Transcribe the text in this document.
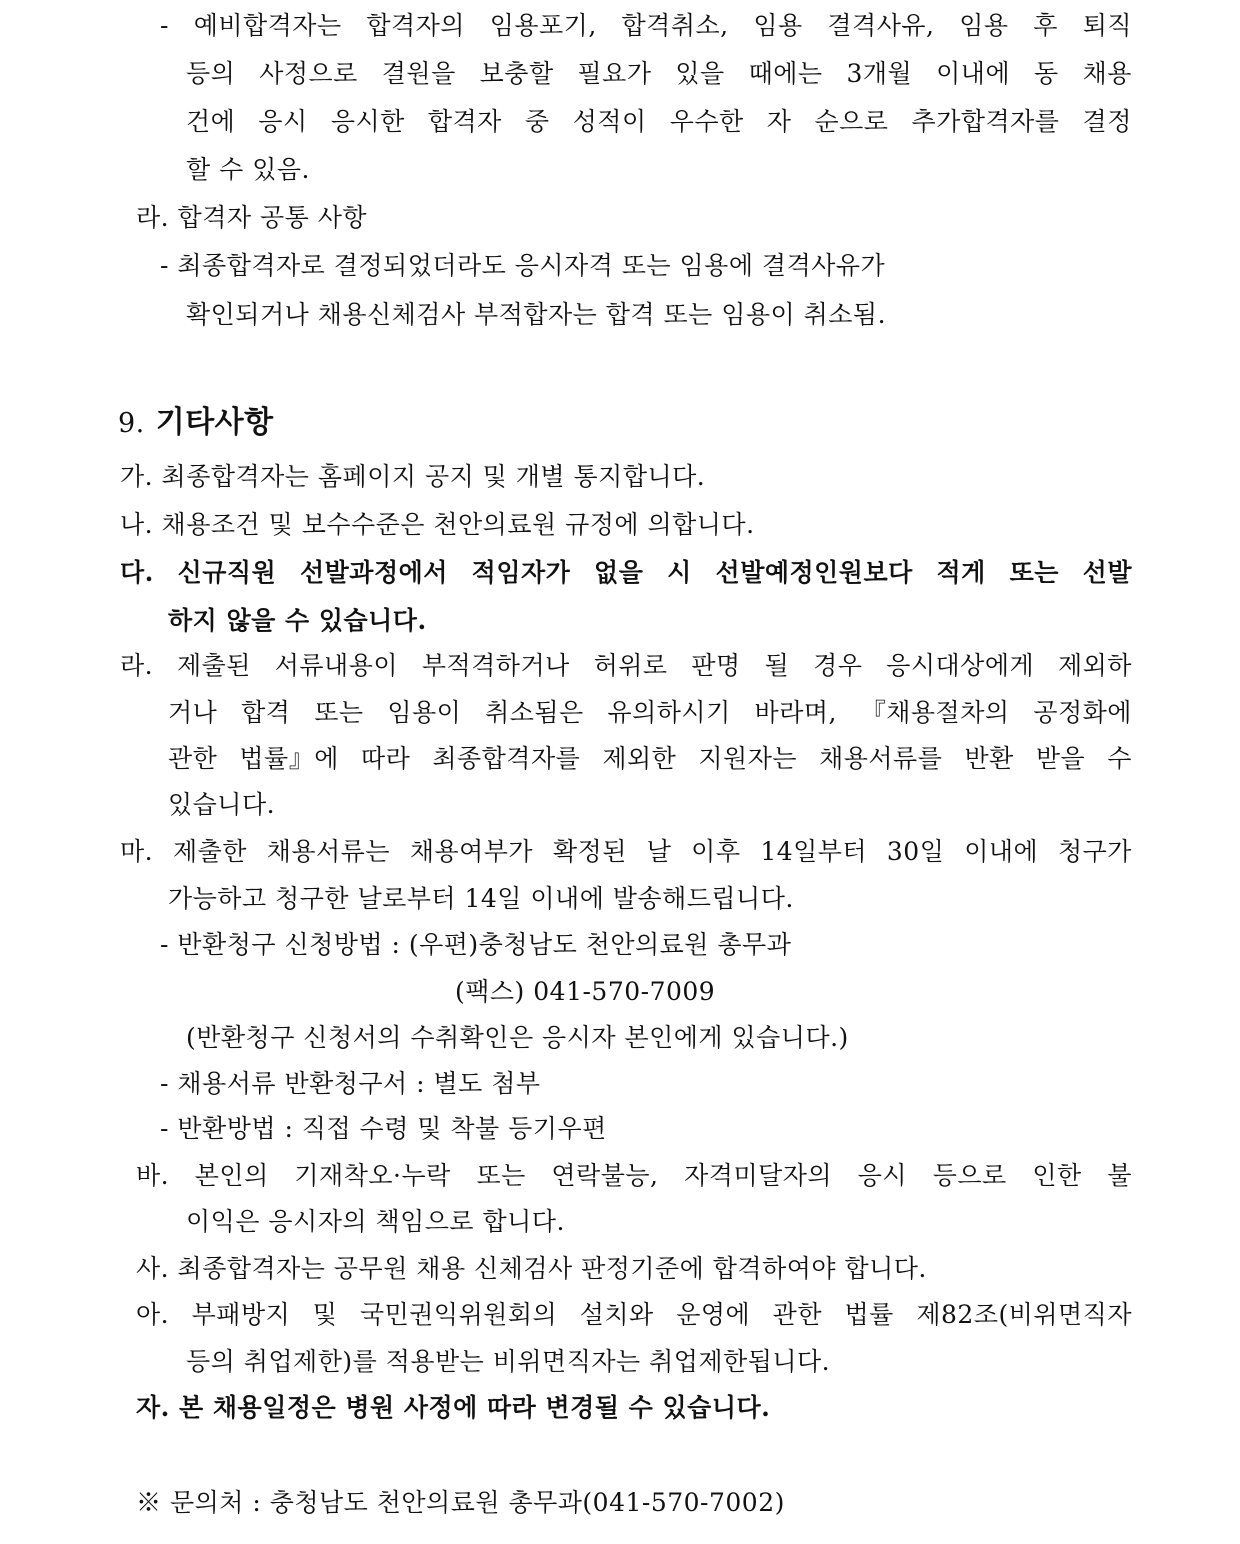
- 예비합격자는 합격자의 임용포기, 합격취소, 임용 결격사유, 임용 후 퇴직
등의 사정으로 결원을 보충할 필요가 있을 때에는 3개월 이내에 동 채용
건에 응시 응시한 합격자 중 성적이 우수한 자 순으로 추가합격자를 결정
할 수 있음.
라. 합격자 공통 사항
- 최종합격자로 결정되었더라도 응시자격 또는 임용에 결격사유가
확인되거나 채용신체검사 부적합자는 합격 또는 임용이 취소됨.
9. 기타사항
가. 최종합격자는 홈페이지 공지 및 개별 통지합니다.
나. 채용조건 및 보수수준은 천안의료원 규정에 의합니다.
다. 신규직원 선발과정에서 적임자가 없을 시 선발예정인원보다 적게 또는 선발
하지 않을 수 있습니다.
라. 제출된 서류내용이 부적격하거나 허위로 판명 될 경우 응시대상에게 제외하
거나 합격 또는 임용이 취소됨은 유의하시기 바라며, 『채용절차의 공정화에
관한 법률』에 따라 최종합격자를 제외한 지원자는 채용서류를 반환 받을 수
있습니다.
마. 제출한 채용서류는 채용여부가 확정된 날 이후 14일부터 30일 이내에 청구가
가능하고 청구한 날로부터 14일 이내에 발송해드립니다.
- 반환청구 신청방법 : (우편)충청남도 천안의료원 총무과
(팩스) 041-570-7009
(반환청구 신청서의 수취확인은 응시자 본인에게 있습니다.)
- 채용서류 반환청구서 : 별도 첨부
- 반환방법 : 직접 수령 및 착불 등기우편
바. 본인의 기재착오·누락 또는 연락불능, 자격미달자의 응시 등으로 인한 불
이익은 응시자의 책임으로 합니다.
사. 최종합격자는 공무원 채용 신체검사 판정기준에 합격하여야 합니다.
아. 부패방지 및 국민권익위원회의 설치와 운영에 관한 법률 제82조(비위면직자
등의 취업제한)를 적용받는 비위면직자는 취업제한됩니다.
자. 본 채용일정은 병원 사정에 따라 변경될 수 있습니다.
※ 문의처 : 충청남도 천안의료원 총무과(041-570-7002)
